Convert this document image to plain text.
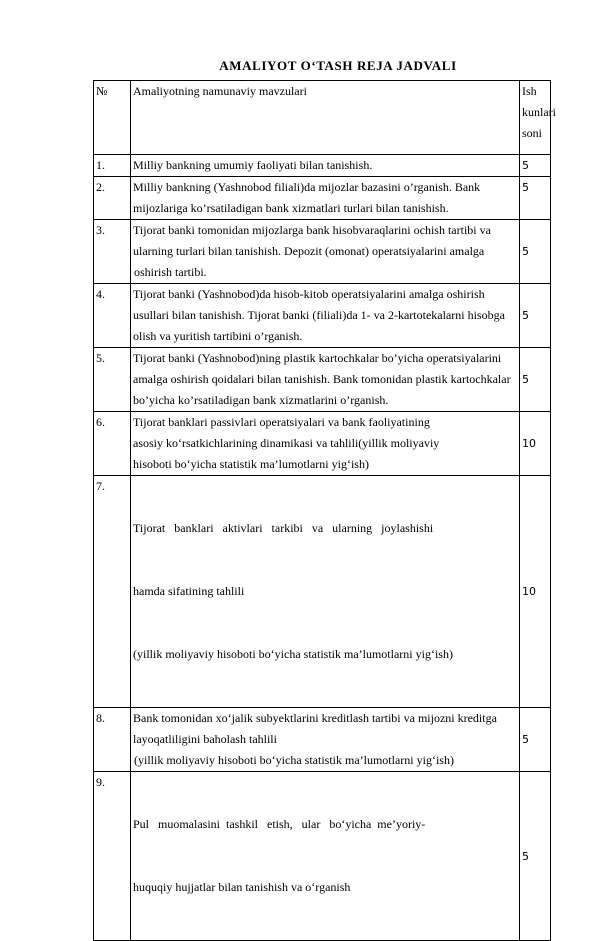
AMALIYOT O‘TASH REJA JADVALI
№	Amaliyotning namunaviy mavzulari	Ish
kunlari
soni

1.	Milliy bankning umumiy faoliyati bilan tanishish.	5
2.	Milliy bankning (Yashnobod filiali)da mijozlar bazasini o’rganish. Bank mijozlariga ko’rsatiladigan bank xizmatlari turlari bilan tanishish.	5
3.	Tijorat banki tomonidan mijozlarga bank hisobvaraqlarini ochish tartibi va ularning turlari bilan tanishish. Depozit (omonat) operatsiyalarini amalga
oshirish tartibi.	5
4.	Tijorat banki (Yashnobod)da hisob-kitob operatsiyalarini amalga oshirish usullari bilan tanishish. Tijorat banki (filiali)da 1- va 2-kartotekalarni hisobga olish va yuritish tartibini o’rganish.	5
5.	Tijorat banki (Yashnobod)ning plastik kartochkalar bo’yicha operatsiyalarini amalga oshirish qoidalari bilan tanishish. Bank tomonidan plastik kartochkalar bo’yicha ko’rsatiladigan bank xizmatlarini o’rganish.	5
6.	Tijorat banklari passivlari operatsiyalari va bank faoliyatining
asosiy ko‘rsatkichlarining dinamikasi va tahlili(yillik moliyaviy
hisoboti bo‘yicha statistik ma’lumotlarni yig‘ish)	10
7.	Tijorat   banklari   aktivlari   tarkibi   va   ularning   joylashishi

hamda sifatining tahlili

(yillik moliyaviy hisoboti bo‘yicha statistik ma’lumotlarni yig‘ish)	10
8.	Bank tomonidan xo‘jalik subyektlarini kreditlash tartibi va mijozni kreditga layoqatliligini baholash tahlili
(yillik moliyaviy hisoboti bo‘yicha statistik ma’lumotlarni yig‘ish)	5
9.	Pul   muomalasini  tashkil   etish,   ular   bo‘yicha  me’yoriy-

huquqiy hujjatlar bilan tanishish va o‘rganish	5
